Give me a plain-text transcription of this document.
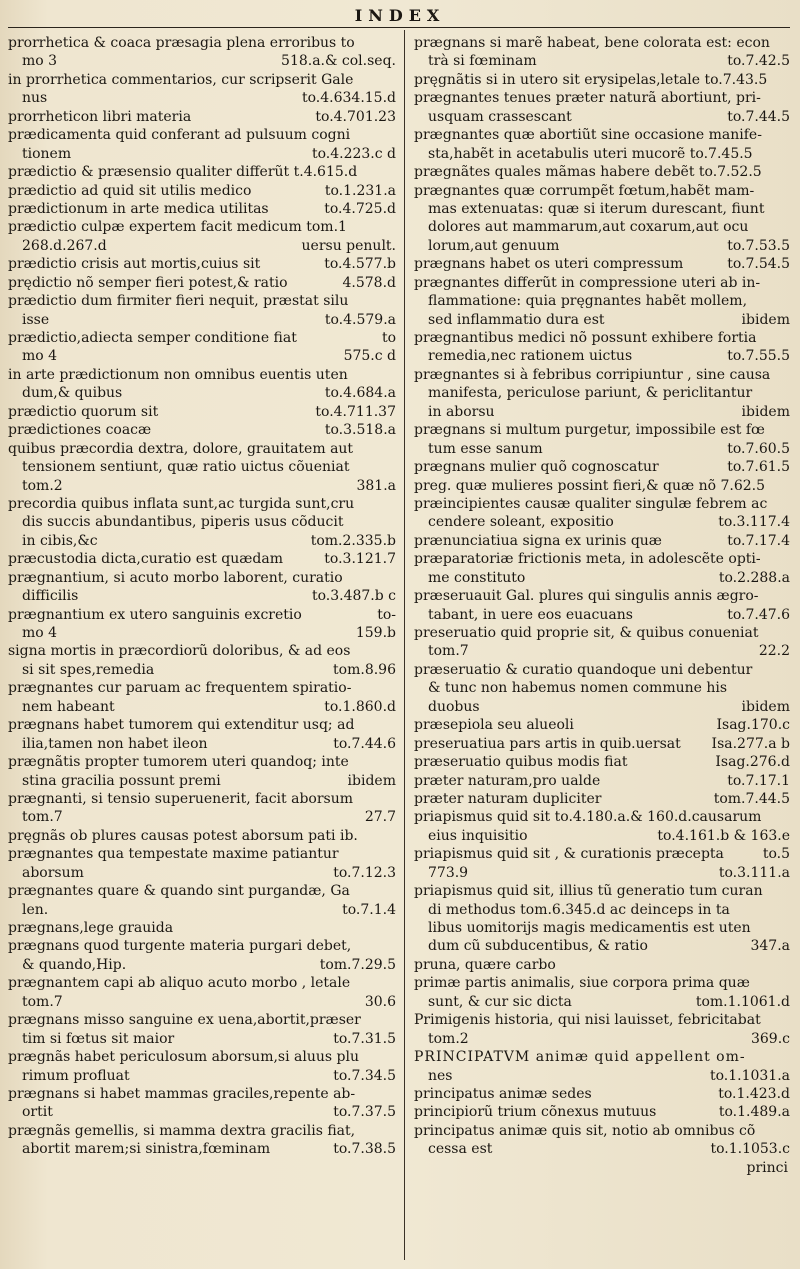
INDEX
prorrhetica & coaca præsagia plena erroribus to
518.a.& col.seq.
mo 3
in prorrhetica commentarios, cur scripserit Gale
to.4.634.15.d
nus
to.4.701.23
prorrheticon libri materia
prædicamenta quid conferant ad pulsuum cogni
to.4.223.c d
tionem
prædictio & præsensio qualiter differũt t.4.615.d
to.1.231.a
prædictio ad quid sit utilis medico
to.4.725.d
prædictionum in arte medica utilitas
prædictio culpæ expertem facit medicum tom.1
uersu penult.
268.d.267.d
to.4.577.b
prædictio crisis aut mortis,cuius sit
4.578.d
prędictio nõ semper fieri potest,& ratio
prædictio dum firmiter fieri nequit, præstat silu
to.4.579.a
isse
to
prædictio,adiecta semper conditione fiat
575.c d
mo 4
in arte prædictionum non omnibus euentis uten
to.4.684.a
dum,& quibus
to.4.711.37
prædictio quorum sit
to.3.518.a
prædictiones coacæ
quibus præcordia dextra, dolore, grauitatem aut
tensionem sentiunt, quæ ratio uictus cõueniat
381.a
tom.2
precordia quibus inflata sunt,ac turgida sunt,cru
dis succis abundantibus, piperis usus cõducit
tom.2.335.b
in cibis,&c
to.3.121.7
præcustodia dicta,curatio est quædam
prægnantium, si acuto morbo laborent, curatio
to.3.487.b c
difficilis
to-
prægnantium ex utero sanguinis excretio
159.b
mo 4
signa mortis in præcordiorũ doloribus, & ad eos
tom.8.96
si sit spes,remedia
prægnantes cur paruam ac frequentem spiratio-
to.1.860.d
nem habeant
prægnans habet tumorem qui extenditur usq; ad
to.7.44.6
ilia,tamen non habet ileon
prægnãtis propter tumorem uteri quandoq; inte
ibidem
stina gracilia possunt premi
prægnanti, si tensio superuenerit, facit aborsum
27.7
tom.7
pręgnãs ob plures causas potest aborsum pati ib.
prægnantes qua tempestate maxime patiantur
to.7.12.3
aborsum
prægnantes quare & quando sint purgandæ, Ga
to.7.1.4
len.
prægnans,lege grauida
prægnans quod turgente materia purgari debet,
tom.7.29.5
& quando,Hip.
prægnantem capi ab aliquo acuto morbo , letale
30.6
tom.7
prægnans misso sanguine ex uena,abortit,præser
to.7.31.5
tim si fœtus sit maior
prægnãs habet periculosum aborsum,si aluus plu
to.7.34.5
rimum profluat
prægnans si habet mammas graciles,repente ab-
to.7.37.5
ortit
prægnãs gemellis, si mamma dextra gracilis fiat,
to.7.38.5
abortit marem;si sinistra,fœminam
prægnans si marẽ habeat, bene colorata est: econ
to.7.42.5
trà si fœminam
pręgnãtis si in utero sit erysipelas,letale to.7.43.5
prægnantes tenues præter naturã abortiunt, pri-
to.7.44.5
usquam crassescant
prægnantes quæ abortiũt sine occasione manife-
sta,habẽt in acetabulis uteri mucorẽ to.7.45.5
prægnãtes quales mãmas habere debẽt to.7.52.5
prægnantes quæ corrumpẽt fœtum,habẽt mam-
mas extenuatas: quæ si iterum durescant, fiunt
dolores aut mammarum,aut coxarum,aut ocu
to.7.53.5
lorum,aut genuum
to.7.54.5
prægnans habet os uteri compressum
prægnantes differũt in compressione uteri ab in-
flammatione: quia pręgnantes habẽt mollem,
ibidem
sed inflammatio dura est
prægnantibus medici nõ possunt exhibere fortia
to.7.55.5
remedia,nec rationem uictus
prægnantes si à febribus corripiuntur , sine causa
manifesta, periculose pariunt, & periclitantur
ibidem
in aborsu
prægnans si multum purgetur, impossibile est fœ
to.7.60.5
tum esse sanum
to.7.61.5
prægnans mulier quõ cognoscatur
preg. quæ mulieres possint fieri,& quæ nõ 7.62.5
præincipientes causæ qualiter singulæ febrem ac
to.3.117.4
cendere soleant, expositio
to.7.17.4
prænunciatiua signa ex urinis quæ
præparatoriæ frictionis meta, in adolescẽte opti-
to.2.288.a
me constituto
præseruauit Gal. plures qui singulis annis ægro-
to.7.47.6
tabant, in uere eos euacuans
preseruatio quid proprie sit, & quibus conueniat
22.2
tom.7
præseruatio & curatio quandoque uni debentur
& tunc non habemus nomen commune his
ibidem
duobus
Isag.170.c
præsepiola seu alueoli
Isa.277.a b
preseruatiua pars artis in quib.uersat
Isag.276.d
præseruatio quibus modis fiat
to.7.17.1
præter naturam,pro ualde
tom.7.44.5
præter naturam dupliciter
priapismus quid sit to.4.180.a.& 160.d.causarum
to.4.161.b & 163.e
eius inquisitio
to.5
priapismus quid sit , & curationis præcepta
to.3.111.a
773.9
priapismus quid sit, illius tũ generatio tum curan
di methodus tom.6.345.d ac deinceps in ta
libus uomitorijs magis medicamentis est uten
347.a
dum cũ subducentibus, & ratio
pruna, quære carbo
primæ partis animalis, siue corpora prima quæ
tom.1.1061.d
sunt, & cur sic dicta
Primigenis historia, qui nisi lauisset, febricitabat
369.c
tom.2
PRINCIPATVM animæ quid appellent om-
to.1.1031.a
nes
to.1.423.d
principatus animæ sedes
to.1.489.a
principiorũ trium cõnexus mutuus
principatus animæ quis sit, notio ab omnibus cõ
to.1.1053.c
cessa est
princi
